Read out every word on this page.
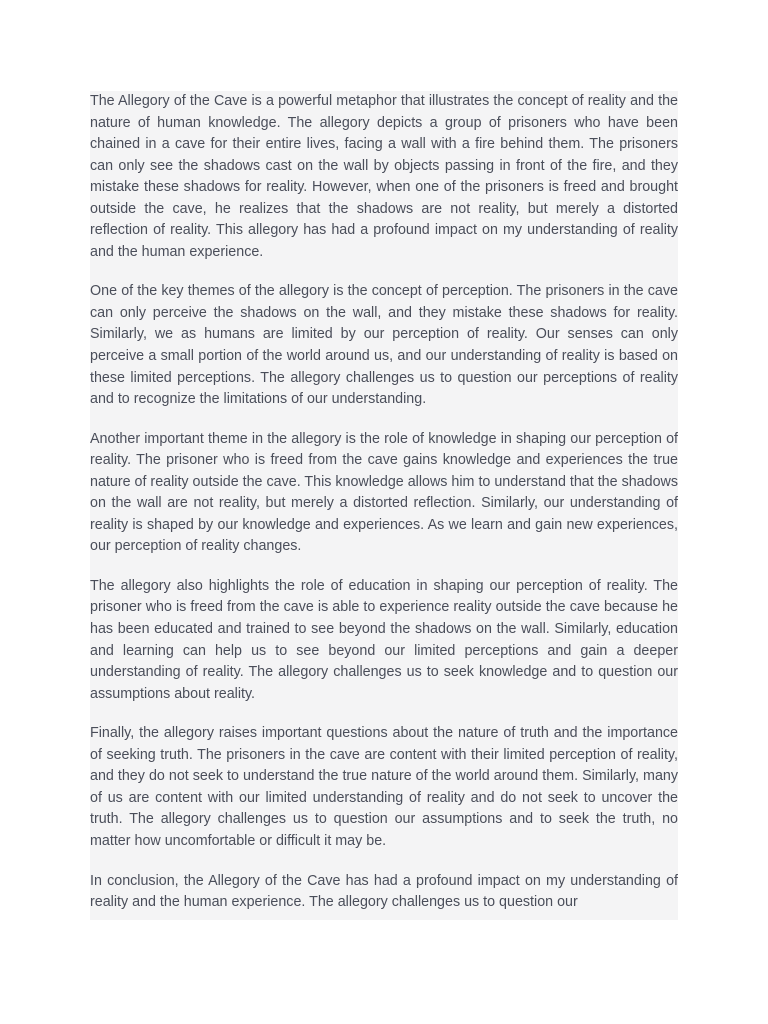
The Allegory of the Cave is a powerful metaphor that illustrates the concept of reality and the nature of human knowledge. The allegory depicts a group of prisoners who have been chained in a cave for their entire lives, facing a wall with a fire behind them. The prisoners can only see the shadows cast on the wall by objects passing in front of the fire, and they mistake these shadows for reality. However, when one of the prisoners is freed and brought outside the cave, he realizes that the shadows are not reality, but merely a distorted reflection of reality. This allegory has had a profound impact on my understanding of reality and the human experience.

One of the key themes of the allegory is the concept of perception. The prisoners in the cave can only perceive the shadows on the wall, and they mistake these shadows for reality. Similarly, we as humans are limited by our perception of reality. Our senses can only perceive a small portion of the world around us, and our understanding of reality is based on these limited perceptions. The allegory challenges us to question our perceptions of reality and to recognize the limitations of our understanding.

Another important theme in the allegory is the role of knowledge in shaping our perception of reality. The prisoner who is freed from the cave gains knowledge and experiences the true nature of reality outside the cave. This knowledge allows him to understand that the shadows on the wall are not reality, but merely a distorted reflection. Similarly, our understanding of reality is shaped by our knowledge and experiences. As we learn and gain new experiences, our perception of reality changes.

The allegory also highlights the role of education in shaping our perception of reality. The prisoner who is freed from the cave is able to experience reality outside the cave because he has been educated and trained to see beyond the shadows on the wall. Similarly, education and learning can help us to see beyond our limited perceptions and gain a deeper understanding of reality. The allegory challenges us to seek knowledge and to question our assumptions about reality.

Finally, the allegory raises important questions about the nature of truth and the importance of seeking truth. The prisoners in the cave are content with their limited perception of reality, and they do not seek to understand the true nature of the world around them. Similarly, many of us are content with our limited understanding of reality and do not seek to uncover the truth. The allegory challenges us to question our assumptions and to seek the truth, no matter how uncomfortable or difficult it may be.

In conclusion, the Allegory of the Cave has had a profound impact on my understanding of reality and the human experience. The allegory challenges us to question our
